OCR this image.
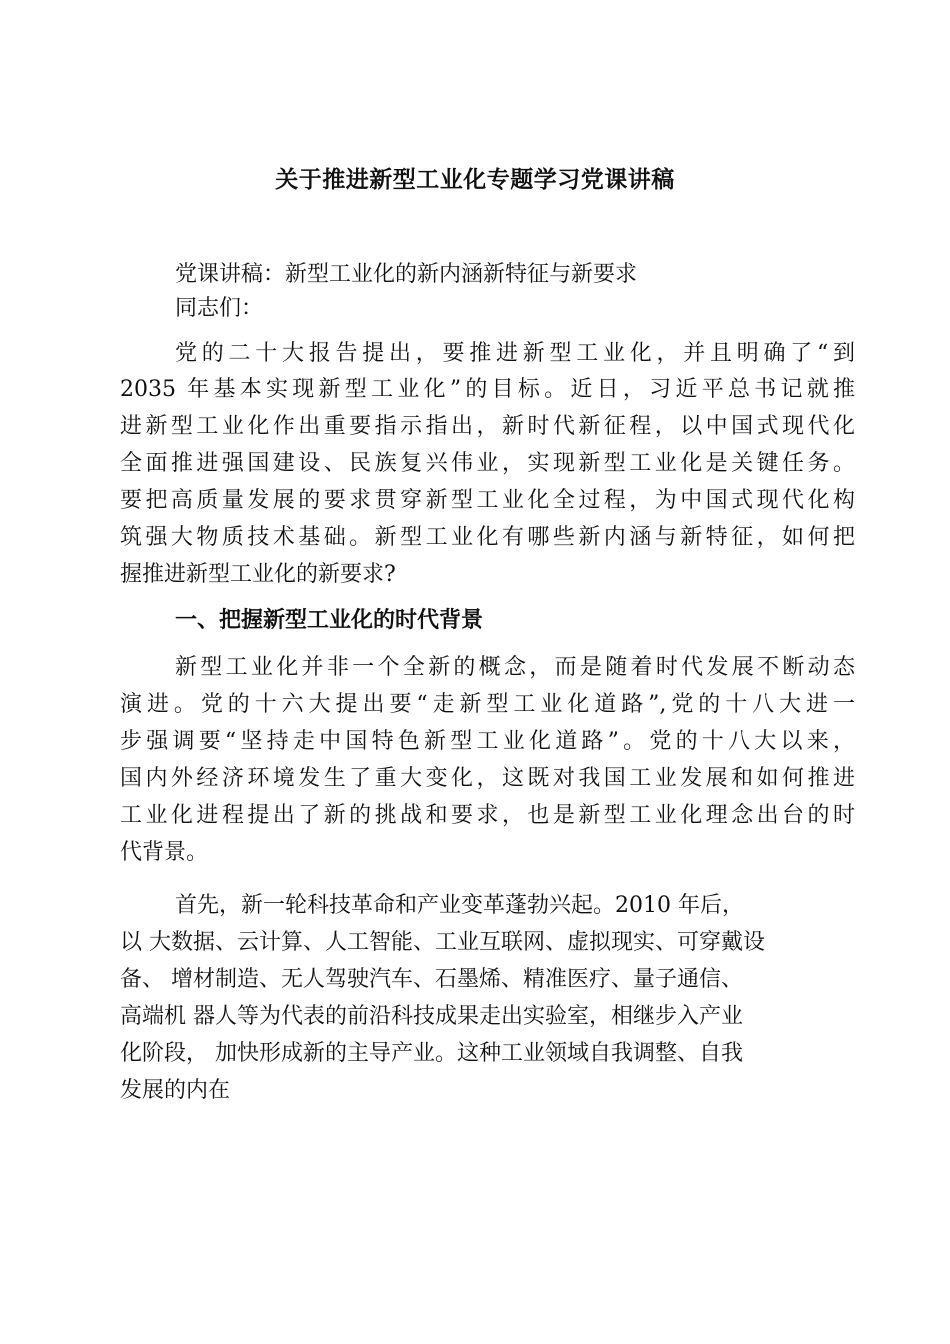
关于推进新型工业化专题学习党课讲稿
党课讲稿：新型工业化的新内涵新特征与新要求
同志们：
党的二十大报告提出，要推进新型工业化，并且明确了“到
2035 年基本实现新型工业化”的目标。近日，习近平总书记就推
进新型工业化作出重要指示指出，新时代新征程，以中国式现代化
全面推进强国建设、民族复兴伟业，实现新型工业化是关键任务。
要把高质量发展的要求贯穿新型工业化全过程，为中国式现代化构
筑强大物质技术基础。新型工业化有哪些新内涵与新特征，如何把
握推进新型工业化的新要求?
一、把握新型工业化的时代背景
新型工业化并非一个全新的概念，而是随着时代发展不断动态
演进。党的十六大提出要“走新型工业化道路”,党的十八大进一
步强调要“坚持走中国特色新型工业化道路”。党的十八大以来，
国内外经济环境发生了重大变化，这既对我国工业发展和如何推进
工业化进程提出了新的挑战和要求，也是新型工业化理念出台的时
代背景。
首先，新一轮科技革命和产业变革蓬勃兴起。2010 年后，
以 大数据、云计算、人工智能、工业互联网、虚拟现实、可穿戴设
备、 增材制造、无人驾驶汽车、石墨烯、精准医疗、量子通信、
高端机 器人等为代表的前沿科技成果走出实验室，相继步入产业
化阶段， 加快形成新的主导产业。这种工业领域自我调整、自我
发展的内在
